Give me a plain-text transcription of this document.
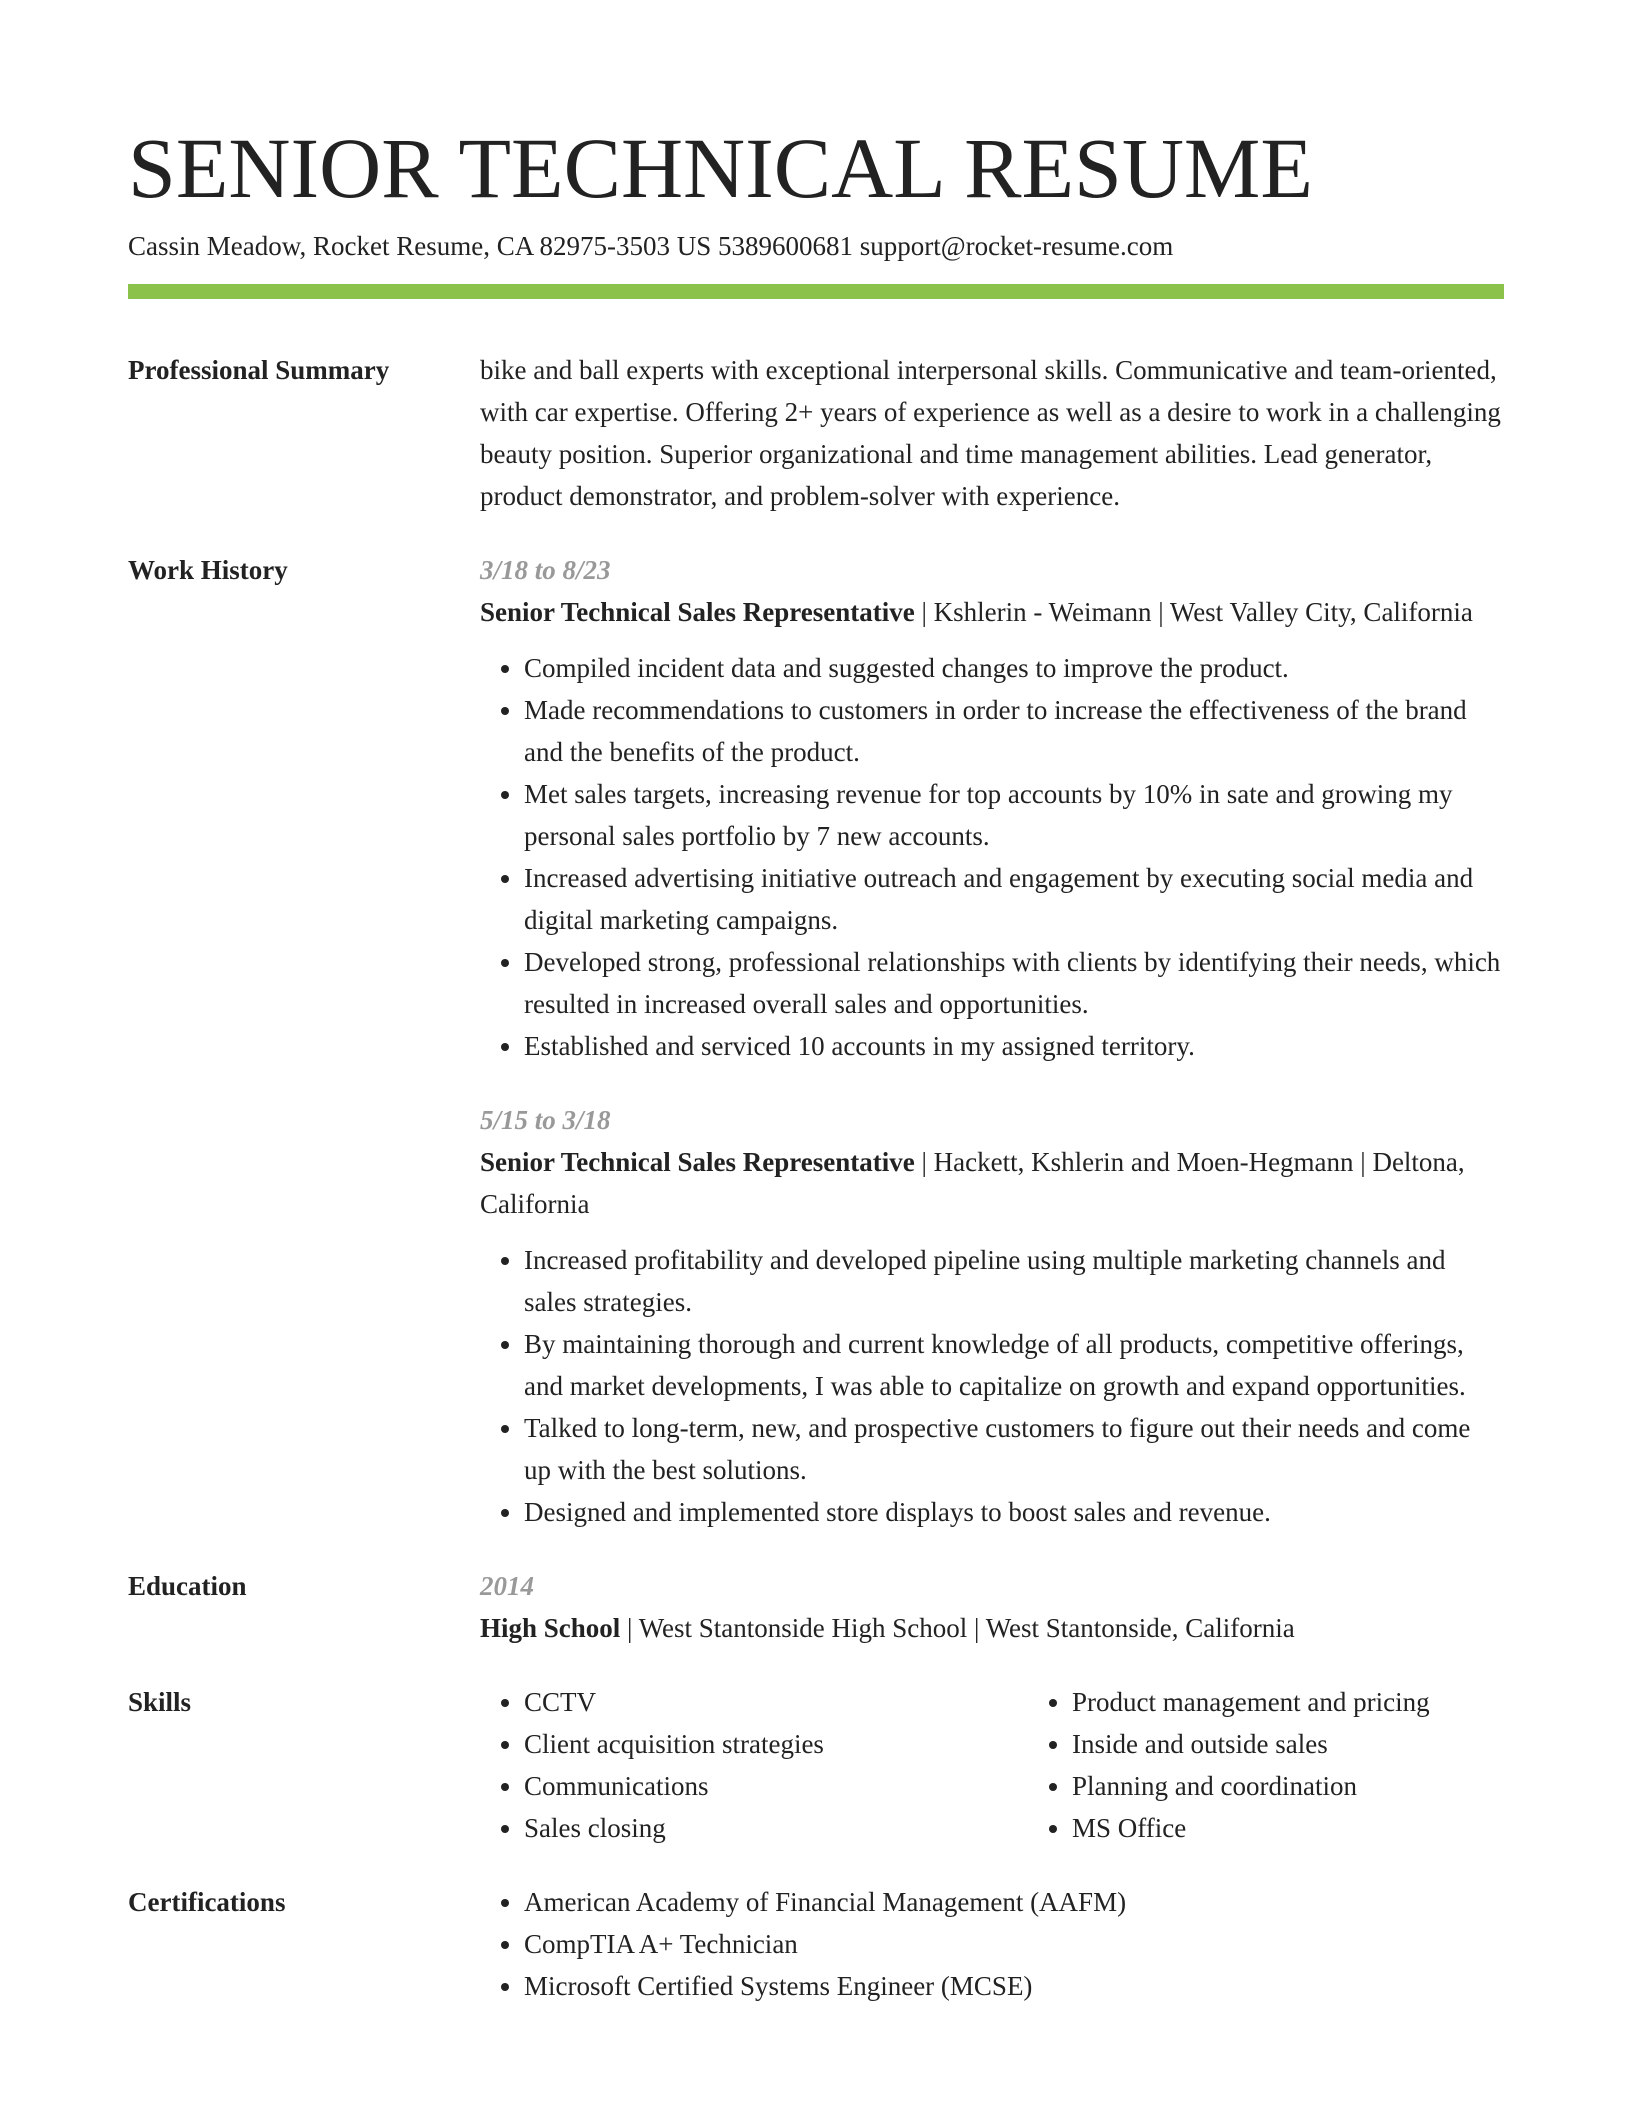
SENIOR TECHNICAL RESUME
Cassin Meadow, Rocket Resume, CA 82975-3503 US 5389600681 support@rocket-resume.com
Professional Summary	bike and ball experts with exceptional interpersonal skills. Communicative and team-oriented, with car expertise. Offering 2+ years of experience as well as a desire to work in a challenging beauty position. Superior organizational and time management abilities. Lead generator, product demonstrator, and problem-solver with experience.
Work History	3/18 to 8/23
Senior Technical Sales Representative | Kshlerin - Weimann | West Valley City, California
• Compiled incident data and suggested changes to improve the product.
• Made recommendations to customers in order to increase the effectiveness of the brand and the benefits of the product.
• Met sales targets, increasing revenue for top accounts by 10% in sate and growing my personal sales portfolio by 7 new accounts.
• Increased advertising initiative outreach and engagement by executing social media and digital marketing campaigns.
• Developed strong, professional relationships with clients by identifying their needs, which resulted in increased overall sales and opportunities.
• Established and serviced 10 accounts in my assigned territory.
5/15 to 3/18
Senior Technical Sales Representative | Hackett, Kshlerin and Moen-Hegmann | Deltona, California
• Increased profitability and developed pipeline using multiple marketing channels and sales strategies.
• By maintaining thorough and current knowledge of all products, competitive offerings, and market developments, I was able to capitalize on growth and expand opportunities.
• Talked to long-term, new, and prospective customers to figure out their needs and come up with the best solutions.
• Designed and implemented store displays to boost sales and revenue.
Education	2014
High School | West Stantonside High School | West Stantonside, California
Skills	• CCTV
• Client acquisition strategies
• Communications
• Sales closing
• Product management and pricing
• Inside and outside sales
• Planning and coordination
• MS Office
Certifications	• American Academy of Financial Management (AAFM)
• CompTIA A+ Technician
• Microsoft Certified Systems Engineer (MCSE)
